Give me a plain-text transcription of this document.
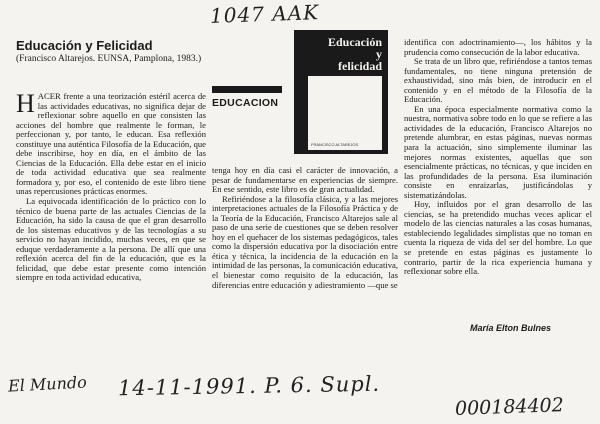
1047 AAK
El Mundo	14-11-1991. P. 6. Supl.
000184402
Educación y Felicidad
(Francisco Altarejos. EUNSA, Pamplona, 1983.)

HACER frente a una teorización estéril acerca de las actividades educativas, no significa dejar de reflexionar sobre aquello en que consisten las acciones del hombre que realmente le forman, le perfeccionan y, por tanto, le educan. Esa reflexión constituye una auténtica Filosofía de la Educación, que debe inscribirse, hoy en día, en el ámbito de las Ciencias de la Educación. Ella debe estar en el inicio de toda actividad educativa que sea realmente formadora y, por eso, el contenido de este libro tiene unas repercusiones prácticas enormes.

La equivocada identificación de lo práctico con lo técnico de buena parte de las actuales Ciencias de la Educación, ha sido la causa de que el gran desarrollo de los sistemas educativos y de las tecnologías a su servicio no hayan incidido, muchas veces, en que se eduque verdaderamente a la persona. De allí que una reflexión acerca del fin de la educación, que es la felicidad, que debe estar presente como intención siempre en toda actividad educativa,

EDUCACION
Educación
y
felicidad
FRANCISCO ALTAREJOS

tenga hoy en día casi el carácter de innovación, a pesar de fundamentarse en experiencias de siempre. En ese sentido, este libro es de gran actualidad.

Refiriéndose a la filosofía clásica, y a las mejores interpretaciones actuales de la Filosofía Práctica y de la Teoría de la Educación, Francisco Altarejos sale al paso de una serie de cuestiones que se deben resolver hoy en el quehacer de los sistemas pedagógicos, tales como la dispersión educativa por la disociación entre ética y técnica, la incidencia de la educación en la intimidad de las personas, la comunicación educativa, el bienestar como requisito de la educación, las diferencias entre educación y adiestramiento —que se

identifica con adoctrinamiento—, los hábitos y la prudencia como consecución de la labor educativa.

Se trata de un libro que, refiriéndose a tantos temas fundamentales, no tiene ninguna pretensión de exhaustividad, sino más bien, de introducir en el contenido y en el método de la Filosofía de la Educación.

En una época especialmente normativa como la nuestra, normativa sobre todo en lo que se refiere a las actividades de la educación, Francisco Altarejos no pretende alumbrar, en estas páginas, nuevas normas para la actuación, sino simplemente iluminar las mejores normas existentes, aquellas que son esencialmente prácticas, no técnicas, y que inciden en las profundidades de la persona. Esa iluminación consiste en enraizarlas, justificándolas y sistematizándolas.

Hoy, influidos por el gran desarrollo de las ciencias, se ha pretendido muchas veces aplicar el modelo de las ciencias naturales a las cosas humanas, estableciendo legalidades simplistas que no toman en cuenta la riqueza de vida del ser del hombre. Lo que se pretende en estas páginas es justamente lo contrario, partir de la rica experiencia humana y reflexionar sobre ella.

María Elton Bulnes
